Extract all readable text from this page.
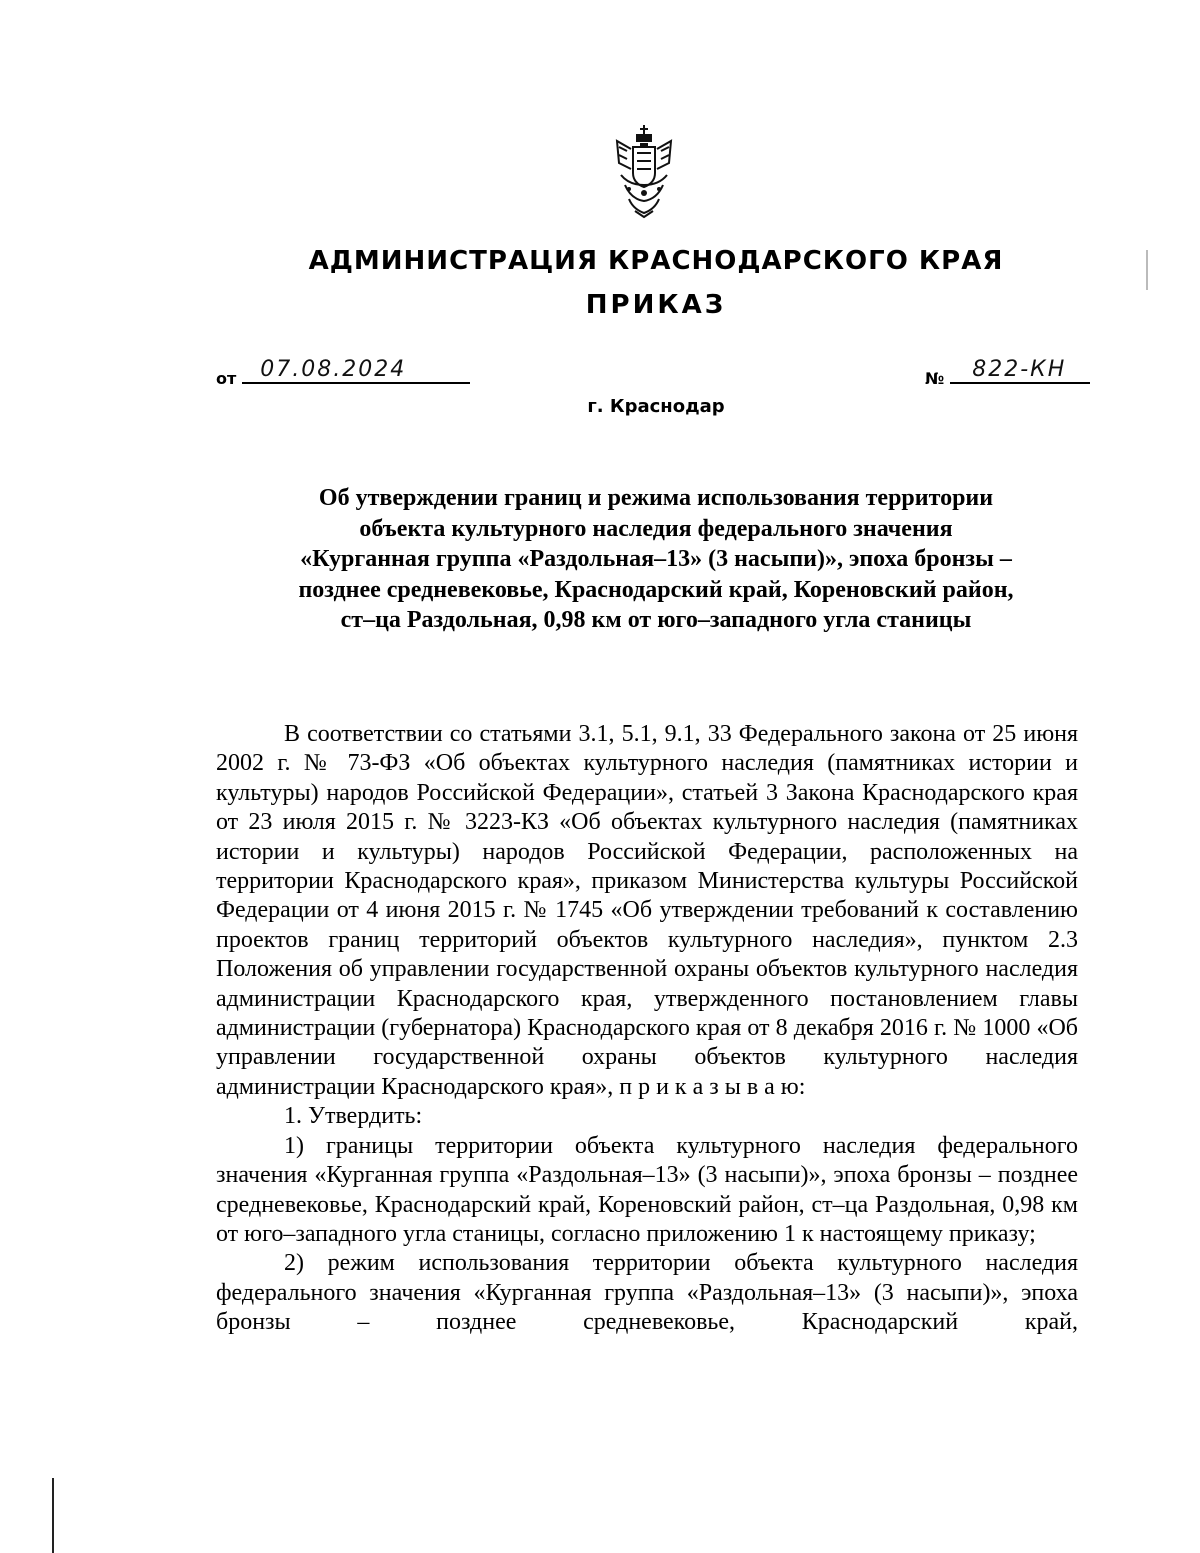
АДМИНИСТРАЦИЯ КРАСНОДАРСКОГО КРАЯ
ПРИКАЗ
от 07.08.2024	№ 822-КН
г. Краснодар
Об утверждении границ и режима использования территории
объекта культурного наследия федерального значения
«Курганная группа «Раздольная–13» (3 насыпи)», эпоха бронзы –
позднее средневековье, Краснодарский край, Кореновский район,
ст–ца Раздольная, 0,98 км от юго–западного угла станицы

В соответствии со статьями 3.1, 5.1, 9.1, 33 Федерального закона от 25 июня 2002 г. № 73-ФЗ «Об объектах культурного наследия (памятниках истории и культуры) народов Российской Федерации», статьей 3 Закона Краснодарского края от 23 июля 2015 г. № 3223-КЗ «Об объектах культурного наследия (памятниках истории и культуры) народов Российской Федерации, расположенных на территории Краснодарского края», приказом Министерства культуры Российской Федерации от 4 июня 2015 г. № 1745 «Об утверждении требований к составлению проектов границ территорий объектов культурного наследия», пунктом 2.3 Положения об управлении государственной охраны объектов культурного наследия администрации Краснодарского края, утвержденного постановлением главы администрации (губернатора) Краснодарского края от 8 декабря 2016 г. № 1000 «Об управлении государственной охраны объектов культурного наследия администрации Краснодарского края», п р и к а з ы в а ю:

1. Утвердить:

1) границы территории объекта культурного наследия федерального значения «Курганная группа «Раздольная–13» (3 насыпи)», эпоха бронзы – позднее средневековье, Краснодарский край, Кореновский район, ст–ца Раздольная, 0,98 км от юго–западного угла станицы, согласно приложению 1 к настоящему приказу;

2) режим использования территории объекта культурного наследия федерального значения «Курганная группа «Раздольная–13» (3 насыпи)», эпоха бронзы – позднее средневековье, Краснодарский край,
